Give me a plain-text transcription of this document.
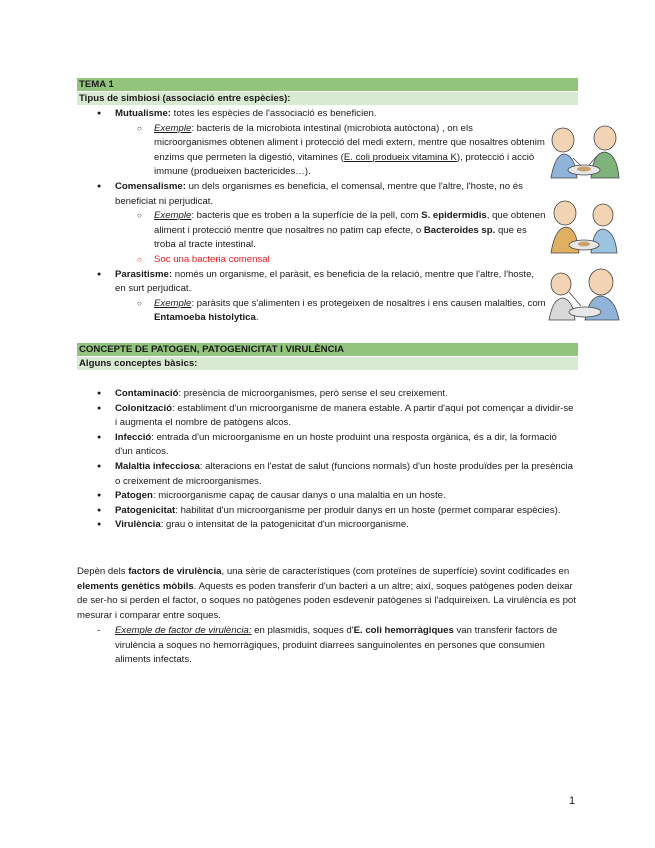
TEMA 1
Tipus de simbiosi (associació entre espècies):
● Mutualisme: totes les espècies de l'associació es beneficien.
○ Exemple: bacteris de la microbiota intestinal (microbiota autòctona) , on els microorganismes obtenen aliment i protecció del medi extern, mentre que nosaltres obtenim enzims que permeten la digestió, vitamines (E. coli produeix vitamina K), protecció i acció immune (produeixen bactericides…).
● Comensalisme: un dels organismes es beneficia, el comensal, mentre que l'altre, l'hoste, no és beneficiat ni perjudicat.
○ Exemple: bacteris que es troben a la superfície de la pell, com S. epidermidis, que obtenen aliment i protecció mentre que nosaltres no patim cap efecte, o Bacteroides sp. que es troba al tracte intestinal.
○ Soc una bacteria comensal
● Parasitisme: només un organisme, el paràsit, es beneficia de la relació, mentre que l'altre, l'hoste, en surt perjudicat.
○ Exemple: paràsits que s'alimenten i es protegeixen de nosaltres i ens causen malalties, com Entamoeba histolytica.
CONCEPTE DE PATOGEN, PATOGENICITAT I VIRULÈNCIA
Alguns conceptes bàsics:
● Contaminació: presència de microorganismes, però sense el seu creixement.
● Colonització: establiment d'un microorganisme de manera estable. A partir d'aquí pot començar a dividir-se i augmenta el nombre de patògens alcos.
● Infecció: entrada d'un microorganisme en un hoste produint una resposta orgànica, és a dir, la formació d'un anticos.
● Malaltia infecciosa: alteracions en l'estat de salut (funcions normals) d'un hoste produïdes per la presència o creixement de microorganismes.
● Patogen: microorganisme capaç de causar danys o una malaltia en un hoste.
● Patogenicitat: habilitat d'un microorganisme per produir danys en un hoste (permet comparar espècies).
● Virulència: grau o intensitat de la patogenicitat d'un microorganisme.
Depèn dels factors de virulència, una sèrie de característiques (com proteïnes de superfície) sovint codificades en elements genètics mòbils. Aquests es poden transferir d'un bacteri a un altre; així, soques patògenes poden deixar de ser-ho si perden el factor, o soques no patògenes poden esdevenir patògenes si l'adquireixen. La virulència es pot mesurar i comparar entre soques.
- Exemple de factor de virulència: en plasmidis, soques d'E. coli hemorràgiques van transferir factors de virulència a soques no hemorràgiques, produint diarrees sanguinolentes en persones que consumien aliments infectats.
1
